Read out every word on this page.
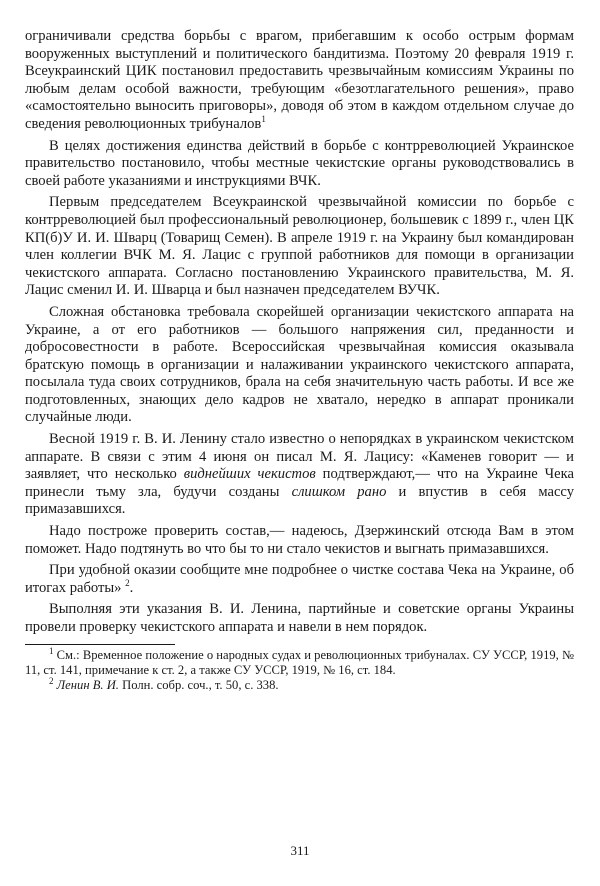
ограничивали средства борьбы с врагом, прибегавшим к особо острым формам вооруженных выступлений и политического бандитизма. Поэтому 20 февраля 1919 г. Всеукраинский ЦИК постановил предоставить чрезвычайным комиссиям Украины по любым делам особой важности, требующим «безотлагательного решения», право «самостоятельно выносить приговоры», доводя об этом в каждом отдельном случае до сведения революционных трибуналов$^1$

В целях достижения единства действий в борьбе с контрреволюцией Украинское правительство постановило, чтобы местные чекистские органы руководствовались в своей работе указаниями и инструкциями ВЧК.

Первым председателем Всеукраинской чрезвычайной комиссии по борьбе с контрреволюцией был профессиональный революционер, большевик с 1899 г., член ЦК КП(б)У И. И. Шварц (Товарищ Семен). В апреле 1919 г. на Украину был командирован член коллегии ВЧК М. Я. Лацис с группой работников для помощи в организации чекистского аппарата. Согласно постановлению Украинского правительства, М. Я. Лацис сменил И. И. Шварца и был назначен председателем ВУЧК.

Сложная обстановка требовала скорейшей организации чекистского аппарата на Украине, а от его работников — большого напряжения сил, преданности и добросовестности в работе. Всероссийская чрезвычайная комиссия оказывала братскую помощь в организации и налаживании украинского чекистского аппарата, посылала туда своих сотрудников, брала на себя значительную часть работы. И все же подготовленных, знающих дело кадров не хватало, нередко в аппарат проникали случайные люди.

Весной 1919 г. В. И. Ленину стало известно о непорядках в украинском чекистском аппарате. В связи с этим 4 июня он писал М. Я. Лацису: «Каменев говорит — и заявляет, что несколько виднейших чекистов подтверждают,— что на Украине Чека принесли тьму зла, будучи созданы слишком рано и впустив в себя массу примазавшихся.

Надо построже проверить состав,— надеюсь, Дзержинский отсюда Вам в этом поможет. Надо подтянуть во что бы то ни стало чекистов и выгнать примазавшихся.

При удобной оказии сообщите мне подробнее о чистке состава Чека на Украине, об итогах работы» $^2$.

Выполняя эти указания В. И. Ленина, партийные и советские органы Украины провели проверку чекистского аппарата и навели в нем порядок.

$^1$ См.: Временное положение о народных судах и революционных трибуналах. СУ УССР, 1919, № 11, ст. 141, примечание к ст. 2, а также СУ УССР, 1919, № 16, ст. 184.

$^2$ Ленин В. И. Полн. собр. соч., т. 50, с. 338.

311
